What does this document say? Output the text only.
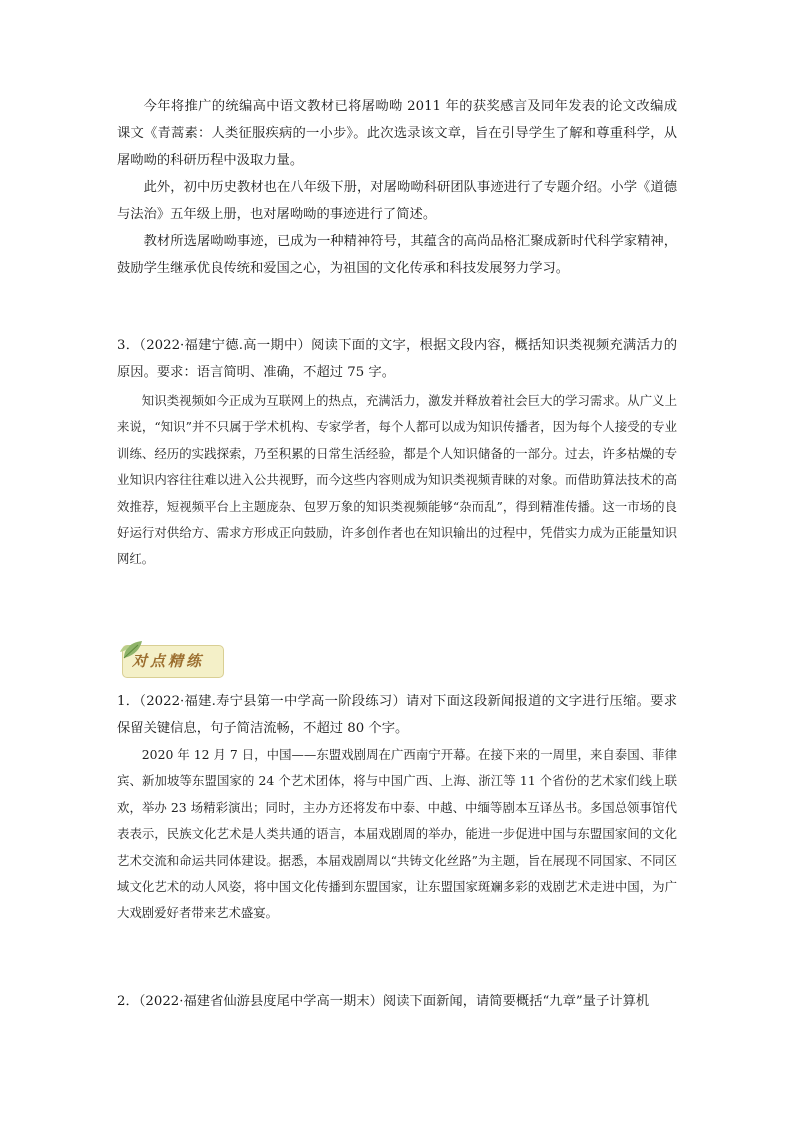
今年将推广的统编高中语文教材已将屠呦呦 2011 年的获奖感言及同年发表的论文改编成课文《青蒿素：人类征服疾病的一小步》。此次选录该文章，旨在引导学生了解和尊重科学，从屠呦呦的科研历程中汲取力量。

此外，初中历史教材也在八年级下册，对屠呦呦科研团队事迹进行了专题介绍。小学《道德与法治》五年级上册，也对屠呦呦的事迹进行了简述。

教材所选屠呦呦事迹，已成为一种精神符号，其蕴含的高尚品格汇聚成新时代科学家精神，鼓励学生继承优良传统和爱国之心，为祖国的文化传承和科技发展努力学习。

3．（2022·福建宁德.高一期中）阅读下面的文字，根据文段内容，概括知识类视频充满活力的原因。要求：语言简明、准确，不超过 75 字。

知识类视频如今正成为互联网上的热点，充满活力，激发并释放着社会巨大的学习需求。从广义上来说，“知识”并不只属于学术机构、专家学者，每个人都可以成为知识传播者，因为每个人接受的专业训练、经历的实践探索，乃至积累的日常生活经验，都是个人知识储备的一部分。过去，许多枯燥的专业知识内容往往难以进入公共视野，而今这些内容则成为知识类视频青睐的对象。而借助算法技术的高效推荐，短视频平台上主题庞杂、包罗万象的知识类视频能够“杂而乱”，得到精准传播。这一市场的良好运行对供给方、需求方形成正向鼓励，许多创作者也在知识输出的过程中，凭借实力成为正能量知识网红。

对点精练

1．（2022·福建.寿宁县第一中学高一阶段练习）请对下面这段新闻报道的文字进行压缩。要求保留关键信息，句子简洁流畅，不超过 80 个字。

2020 年 12 月 7 日，中国——东盟戏剧周在广西南宁开幕。在接下来的一周里，来自泰国、菲律宾、新加坡等东盟国家的 24 个艺术团体，将与中国广西、上海、浙江等 11 个省份的艺术家们线上联欢，举办 23 场精彩演出；同时，主办方还将发布中泰、中越、中缅等剧本互译丛书。多国总领事馆代表表示，民族文化艺术是人类共通的语言，本届戏剧周的举办，能进一步促进中国与东盟国家间的文化艺术交流和命运共同体建设。据悉，本届戏剧周以“共铸文化丝路”为主题，旨在展现不同国家、不同区域文化艺术的动人风姿，将中国文化传播到东盟国家，让东盟国家斑斓多彩的戏剧艺术走进中国，为广大戏剧爱好者带来艺术盛宴。

2．（2022·福建省仙游县度尾中学高一期末）阅读下面新闻，请简要概括“九章”量子计算机
